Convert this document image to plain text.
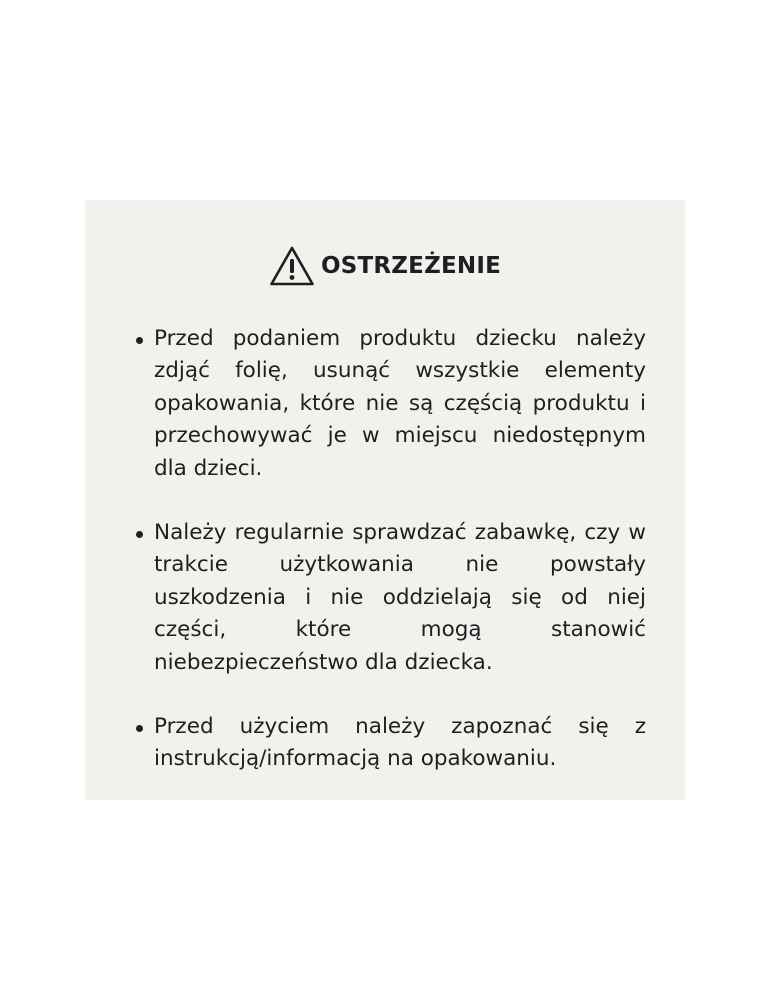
OSTRZEŻENIE
Przed podaniem produktu dziecku należy zdjąć folię, usunąć wszystkie elementy opakowania, które nie są częścią produktu i przechowywać je w miejscu niedostępnym dla dzieci.
Należy regularnie sprawdzać zabawkę, czy w trakcie użytkowania nie powstały uszkodzenia i nie oddzielają się od niej części, które mogą stanowić niebezpieczeństwo dla dziecka.
Przed użyciem należy zapoznać się z instrukcją/informacją na opakowaniu.
